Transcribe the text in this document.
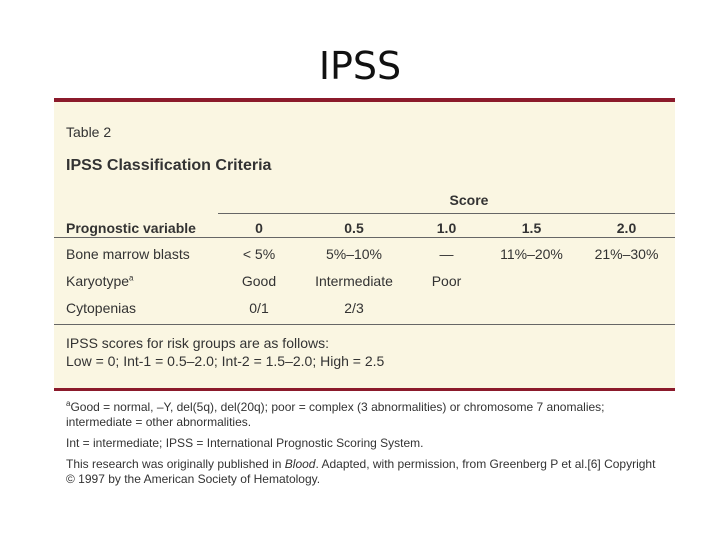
IPSS
Table 2
IPSS Classification Criteria
Score
Prognostic variable	0	0.5	1.0	1.5	2.0
Bone marrow blasts	< 5%	5%–10%	—	11%–20%	21%–30%
Karyotype$^a$	Good	Intermediate	Poor
Cytopenias	0/1	2/3
IPSS scores for risk groups are as follows:
Low = 0; Int-1 = 0.5–2.0; Int-2 = 1.5–2.0; High = 2.5

$^a$Good = normal, –Y, del(5q), del(20q); poor = complex (3 abnormalities) or chromosome 7 anomalies; intermediate = other abnormalities.

Int = intermediate; IPSS = International Prognostic Scoring System.

This research was originally published in Blood. Adapted, with permission, from Greenberg P et al.[6] Copyright © 1997 by the American Society of Hematology.
